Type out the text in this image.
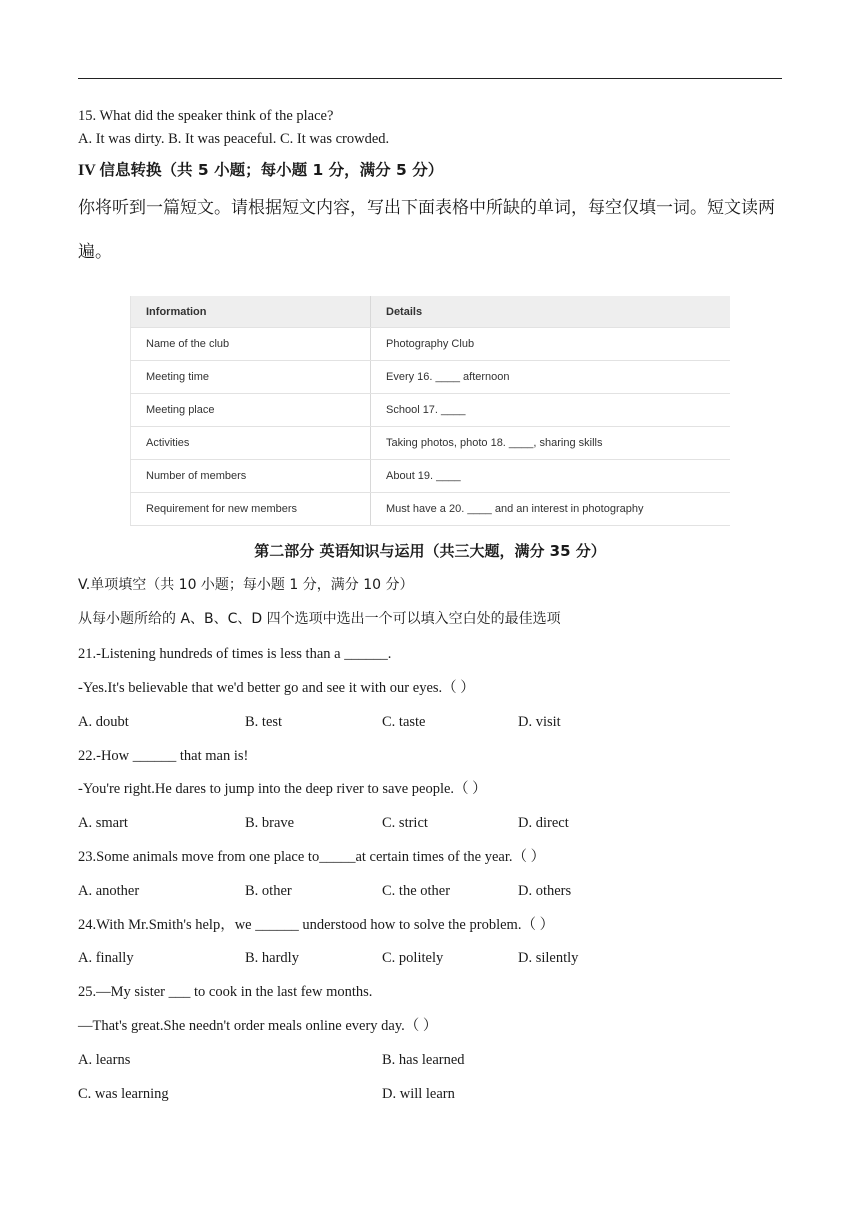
15. What did the speaker think of the place?
A. It was dirty. B. It was peaceful. C. It was crowded.
IV 信息转换（共 5 小题；每小题 1 分，满分 5 分）
你将听到一篇短文。请根据短文内容，写出下面表格中所缺的单词，每空仅填一词。短文读两
遍。
Information	Details
Name of the club	Photography Club
Meeting time	Every 16. ____ afternoon
Meeting place	School 17. ____
Activities	Taking photos, photo 18. ____, sharing skills
Number of members	About 19. ____
Requirement for new members	Must have a 20. ____ and an interest in photography
第二部分 英语知识与运用（共三大题，满分 35 分）
V.单项填空（共 10 小题；每小题 1 分，满分 10 分）
从每小题所给的 A、B、C、D 四个选项中选出一个可以填入空白处的最佳选项
21.-Listening hundreds of times is less than a ______.
-Yes.It's believable that we'd better go and see it with our eyes.（ ）
A. doubt	B. test	C. taste	D. visit
22.-How ______ that man is!
-You're right.He dares to jump into the deep river to save people.（ ）
A. smart	B. brave	C. strict	D. direct
23.Some animals move from one place to_____at certain times of the year.（ ）
A. another	B. other	C. the other	D. others
24.With Mr.Smith's help，we ______ understood how to solve the problem.（ ）
A. finally	B. hardly	C. politely	D. silently
25.—My sister ___ to cook in the last few months.
—That's great.She needn't order meals online every day.（ ）
A. learns	B. has learned
C. was learning	D. will learn
